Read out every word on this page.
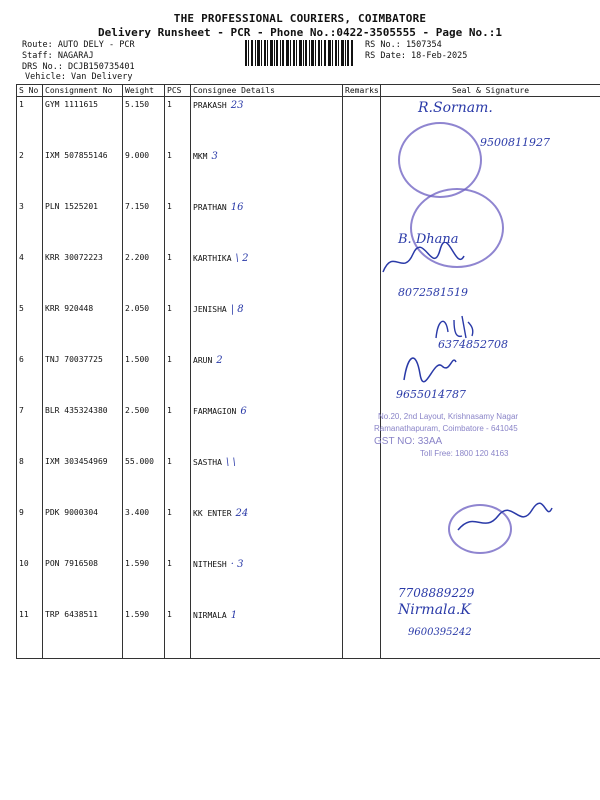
THE PROFESSIONAL COURIERS, COIMBATORE
Delivery Runsheet - PCR - Phone No.:0422-3505555 - Page No.:1
Route: AUTO DELY - PCR
Staff: NAGARAJ
DRS No.: DCJB150735401
Vehicle: Van Delivery
RS No.: 1507354
RS Date: 18-Feb-2025
S No	Consignment No	Weight	PCS	Consignee Details	Remarks	Seal & Signature
1	GYM 1111615	5.150	1	PRAKASH 23		
2	IXM 507855146	9.000	1	MKM 3		
3	PLN 1525201	7.150	1	PRATHAN 16		
4	KRR 30072223	2.200	1	KARTHIKA \ 2		
5	KRR 920448	2.050	1	JENISHA | 8		
6	TNJ 70037725	1.500	1	ARUN 2		
7	BLR 435324380	2.500	1	FARMAGION 6		
8	IXM 303454969	55.000	1	SASTHA \ \		
9	PDK 9000304	3.400	1	KK ENTER 24		
10	PON 7916508	1.590	1	NITHESH · 3		
11	TRP 6438511	1.590	1	NIRMALA 1		
R.Sornam.
9500811927
B. Dhana
8072581519
6374852708
9655014787
7708889229
Nirmala.K
9600395242
No.20, 2nd Layout, Krishnasamy Nagar
Ramanathapuram, Coimbatore - 641045
GST NO: 33AA
Toll Free: 1800 120 4163
